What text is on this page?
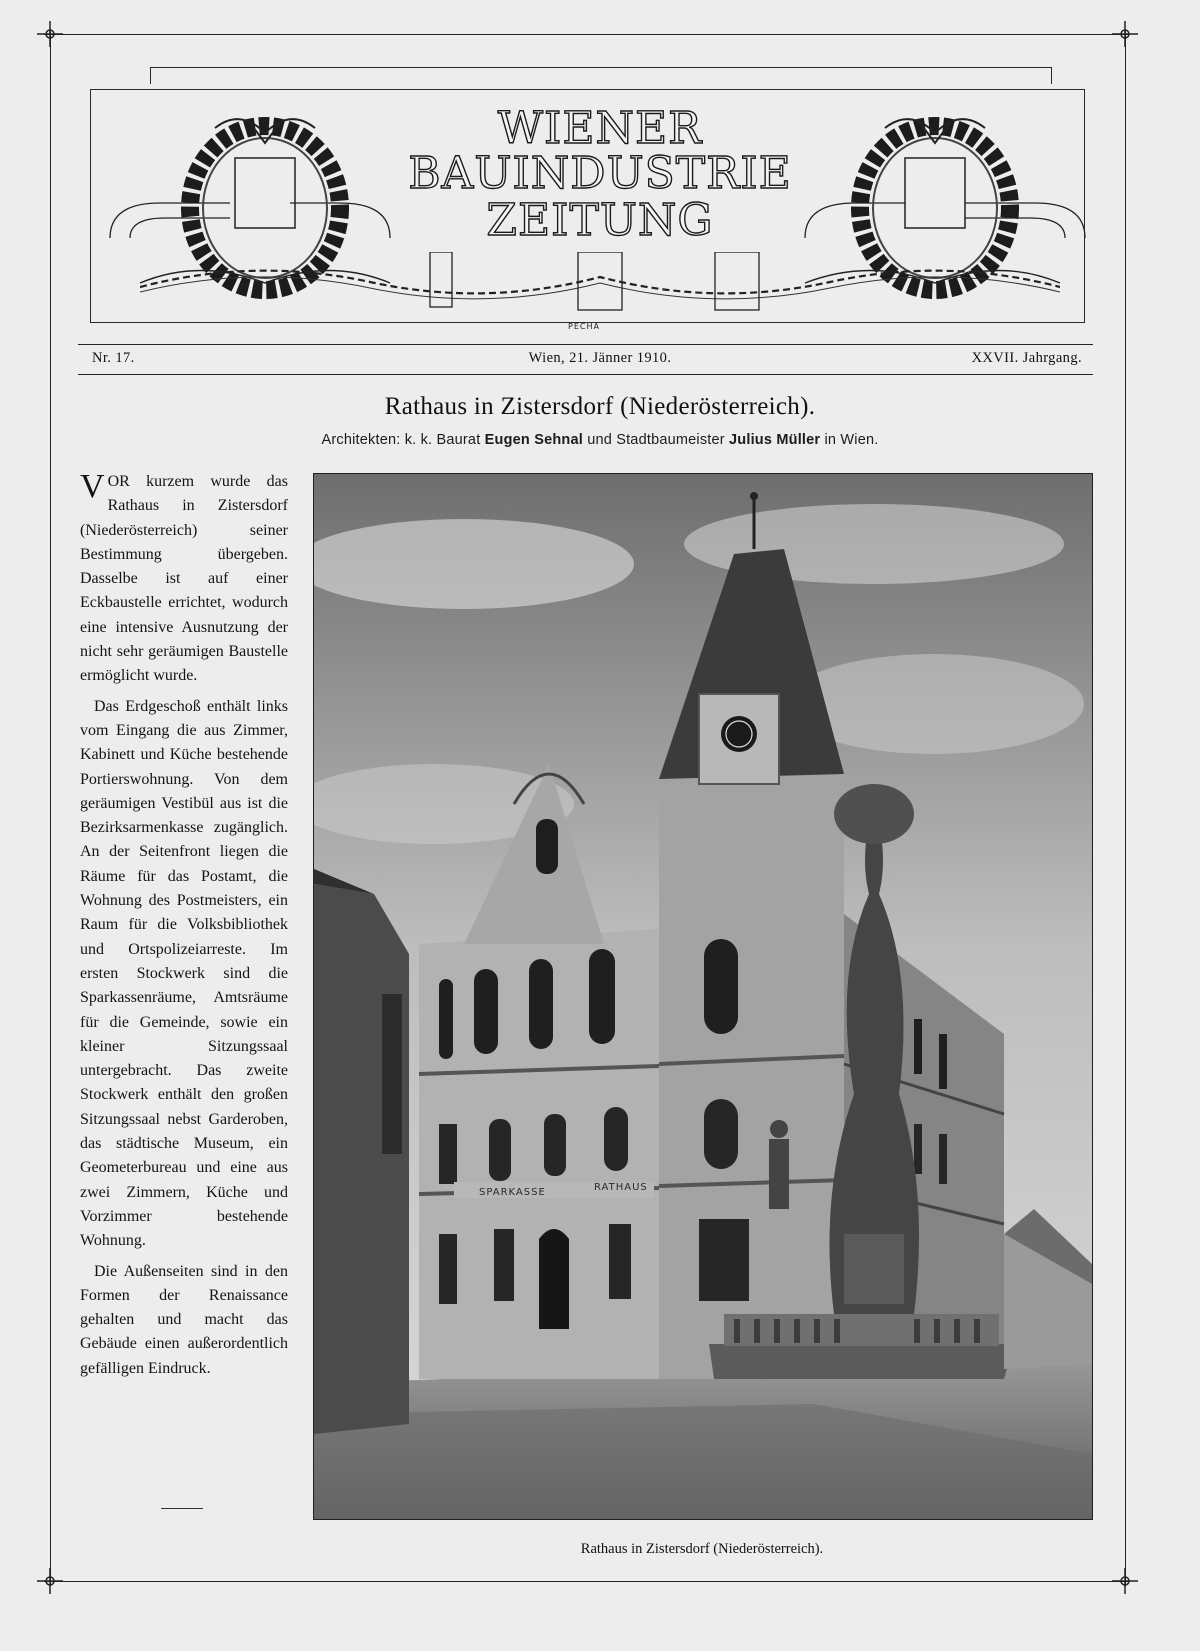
WIENER
BAUINDUSTRIE
ZEITUNG
PECHA
Nr. 17.	Wien, 21. Jänner 1910.	XXVII. Jahrgang.
Rathaus in Zistersdorf (Niederösterreich).
Architekten: k. k. Baurat Eugen Sehnal und Stadtbaumeister Julius Müller in Wien.

VOR kurzem wurde das Rathaus in Zistersdorf (Niederösterreich) seiner Bestimmung übergeben. Dasselbe ist auf einer Eckbaustelle errichtet, wodurch eine intensive Ausnutzung der nicht sehr geräumigen Baustelle ermöglicht wurde.

Das Erdgeschoß enthält links vom Eingang die aus Zimmer, Kabinett und Küche bestehende Portierswohnung. Von dem geräumigen Vestibül aus ist die Bezirksarmenkasse zugänglich. An der Seitenfront liegen die Räume für das Postamt, die Wohnung des Postmeisters, ein Raum für die Volksbibliothek und Ortspolizeiarreste. Im ersten Stockwerk sind die Sparkassenräume, Amtsräume für die Gemeinde, sowie ein kleiner Sitzungssaal untergebracht. Das zweite Stockwerk enthält den großen Sitzungssaal nebst Garderoben, das städtische Museum, ein Geometerbureau und eine aus zwei Zimmern, Küche und Vorzimmer bestehende Wohnung.

Die Außenseiten sind in den Formen der Renaissance gehalten und macht das Gebäude einen außerordentlich gefälligen Eindruck.

SPARKASSE	RATHAUS
Rathaus in Zistersdorf (Niederösterreich).
